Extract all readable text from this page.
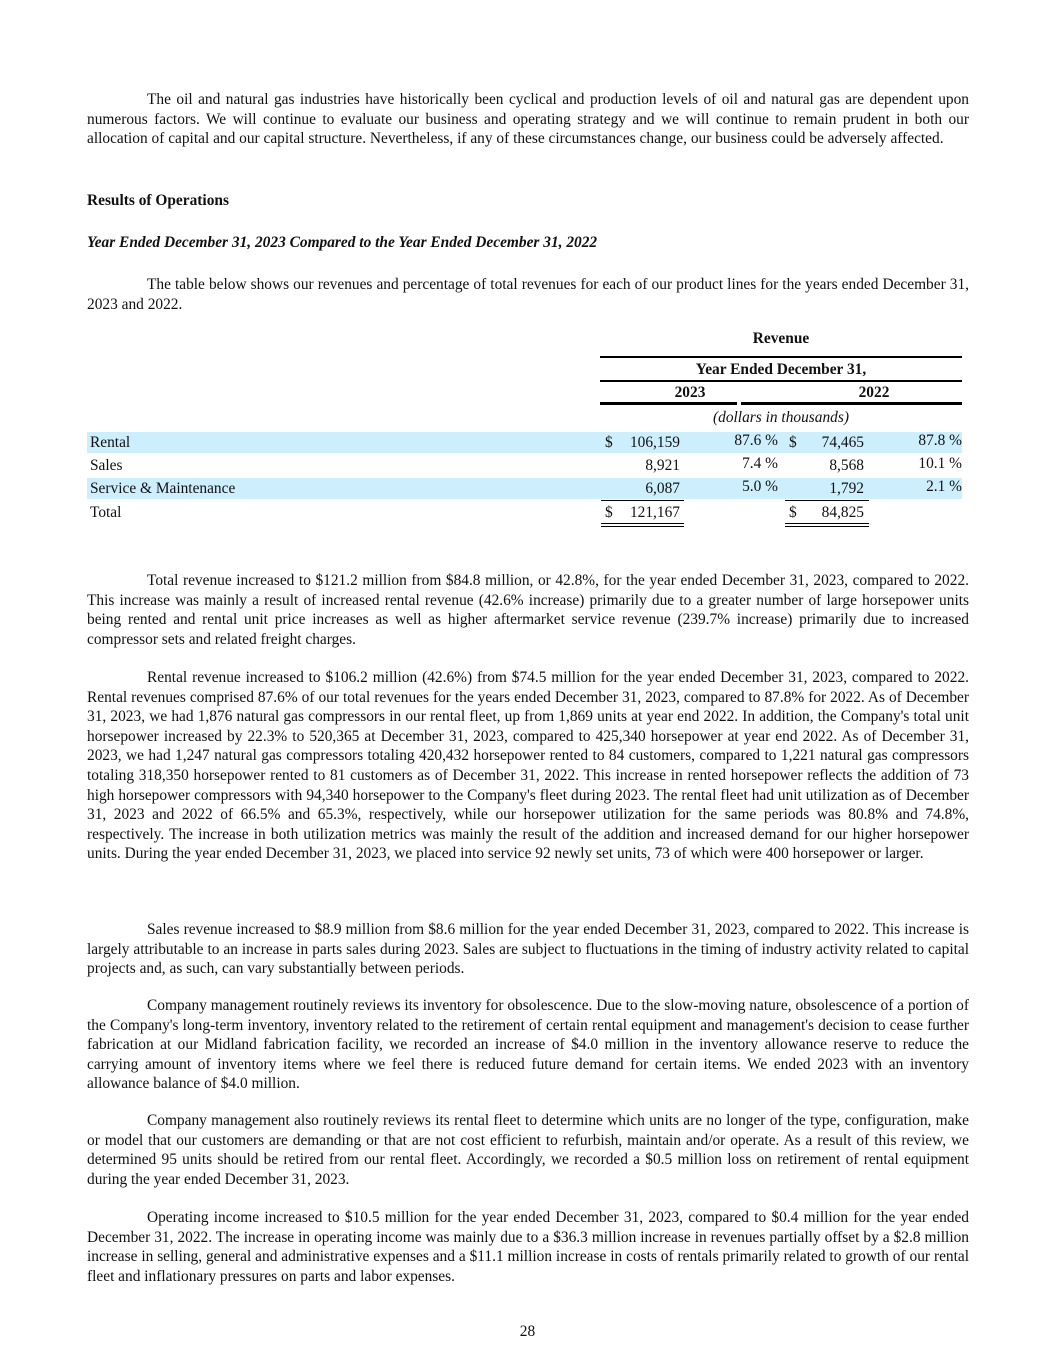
The oil and natural gas industries have historically been cyclical and production levels of oil and natural gas are dependent upon numerous factors. We will continue to evaluate our business and operating strategy and we will continue to remain prudent in both our allocation of capital and our capital structure. Nevertheless, if any of these circumstances change, our business could be adversely affected.

Results of Operations

Year Ended December 31, 2023 Compared to the Year Ended December 31, 2022

The table below shows our revenues and percentage of total revenues for each of our product lines for the years ended December 31, 2023 and 2022.

Revenue
Year Ended December 31,
2023	2022
(dollars in thousands)
Rental	$	106,159	87.6 % $	74,465	87.8 %
Sales	8,921	7.4 %	8,568	10.1 %
Service & Maintenance	6,087	5.0 %	1,792	2.1 %
Total	$	121,167	$	84,825

Total revenue increased to $121.2 million from $84.8 million, or 42.8%, for the year ended December 31, 2023, compared to 2022. This increase was mainly a result of increased rental revenue (42.6% increase) primarily due to a greater number of large horsepower units being rented and rental unit price increases as well as higher aftermarket service revenue (239.7% increase) primarily due to increased compressor sets and related freight charges.

Rental revenue increased to $106.2 million (42.6%) from $74.5 million for the year ended December 31, 2023, compared to 2022. Rental revenues comprised 87.6% of our total revenues for the years ended December 31, 2023, compared to 87.8% for 2022. As of December 31, 2023, we had 1,876 natural gas compressors in our rental fleet, up from 1,869 units at year end 2022. In addition, the Company's total unit horsepower increased by 22.3% to 520,365 at December 31, 2023, compared to 425,340 horsepower at year end 2022. As of December 31, 2023, we had 1,247 natural gas compressors totaling 420,432 horsepower rented to 84 customers, compared to 1,221 natural gas compressors totaling 318,350 horsepower rented to 81 customers as of December 31, 2022. This increase in rented horsepower reflects the addition of 73 high horsepower compressors with 94,340 horsepower to the Company's fleet during 2023. The rental fleet had unit utilization as of December 31, 2023 and 2022 of 66.5% and 65.3%, respectively, while our horsepower utilization for the same periods was 80.8% and 74.8%, respectively. The increase in both utilization metrics was mainly the result of the addition and increased demand for our higher horsepower units. During the year ended December 31, 2023, we placed into service 92 newly set units, 73 of which were 400 horsepower or larger.

Sales revenue increased to $8.9 million from $8.6 million for the year ended December 31, 2023, compared to 2022. This increase is largely attributable to an increase in parts sales during 2023. Sales are subject to fluctuations in the timing of industry activity related to capital projects and, as such, can vary substantially between periods.

Company management routinely reviews its inventory for obsolescence. Due to the slow-moving nature, obsolescence of a portion of the Company's long-term inventory, inventory related to the retirement of certain rental equipment and management's decision to cease further fabrication at our Midland fabrication facility, we recorded an increase of $4.0 million in the inventory allowance reserve to reduce the carrying amount of inventory items where we feel there is reduced future demand for certain items. We ended 2023 with an inventory allowance balance of $4.0 million.

Company management also routinely reviews its rental fleet to determine which units are no longer of the type, configuration, make or model that our customers are demanding or that are not cost efficient to refurbish, maintain and/or operate. As a result of this review, we determined 95 units should be retired from our rental fleet. Accordingly, we recorded a $0.5 million loss on retirement of rental equipment during the year ended December 31, 2023.

Operating income increased to $10.5 million for the year ended December 31, 2023, compared to $0.4 million for the year ended December 31, 2022. The increase in operating income was mainly due to a $36.3 million increase in revenues partially offset by a $2.8 million increase in selling, general and administrative expenses and a $11.1 million increase in costs of rentals primarily related to growth of our rental fleet and inflationary pressures on parts and labor expenses.

28
